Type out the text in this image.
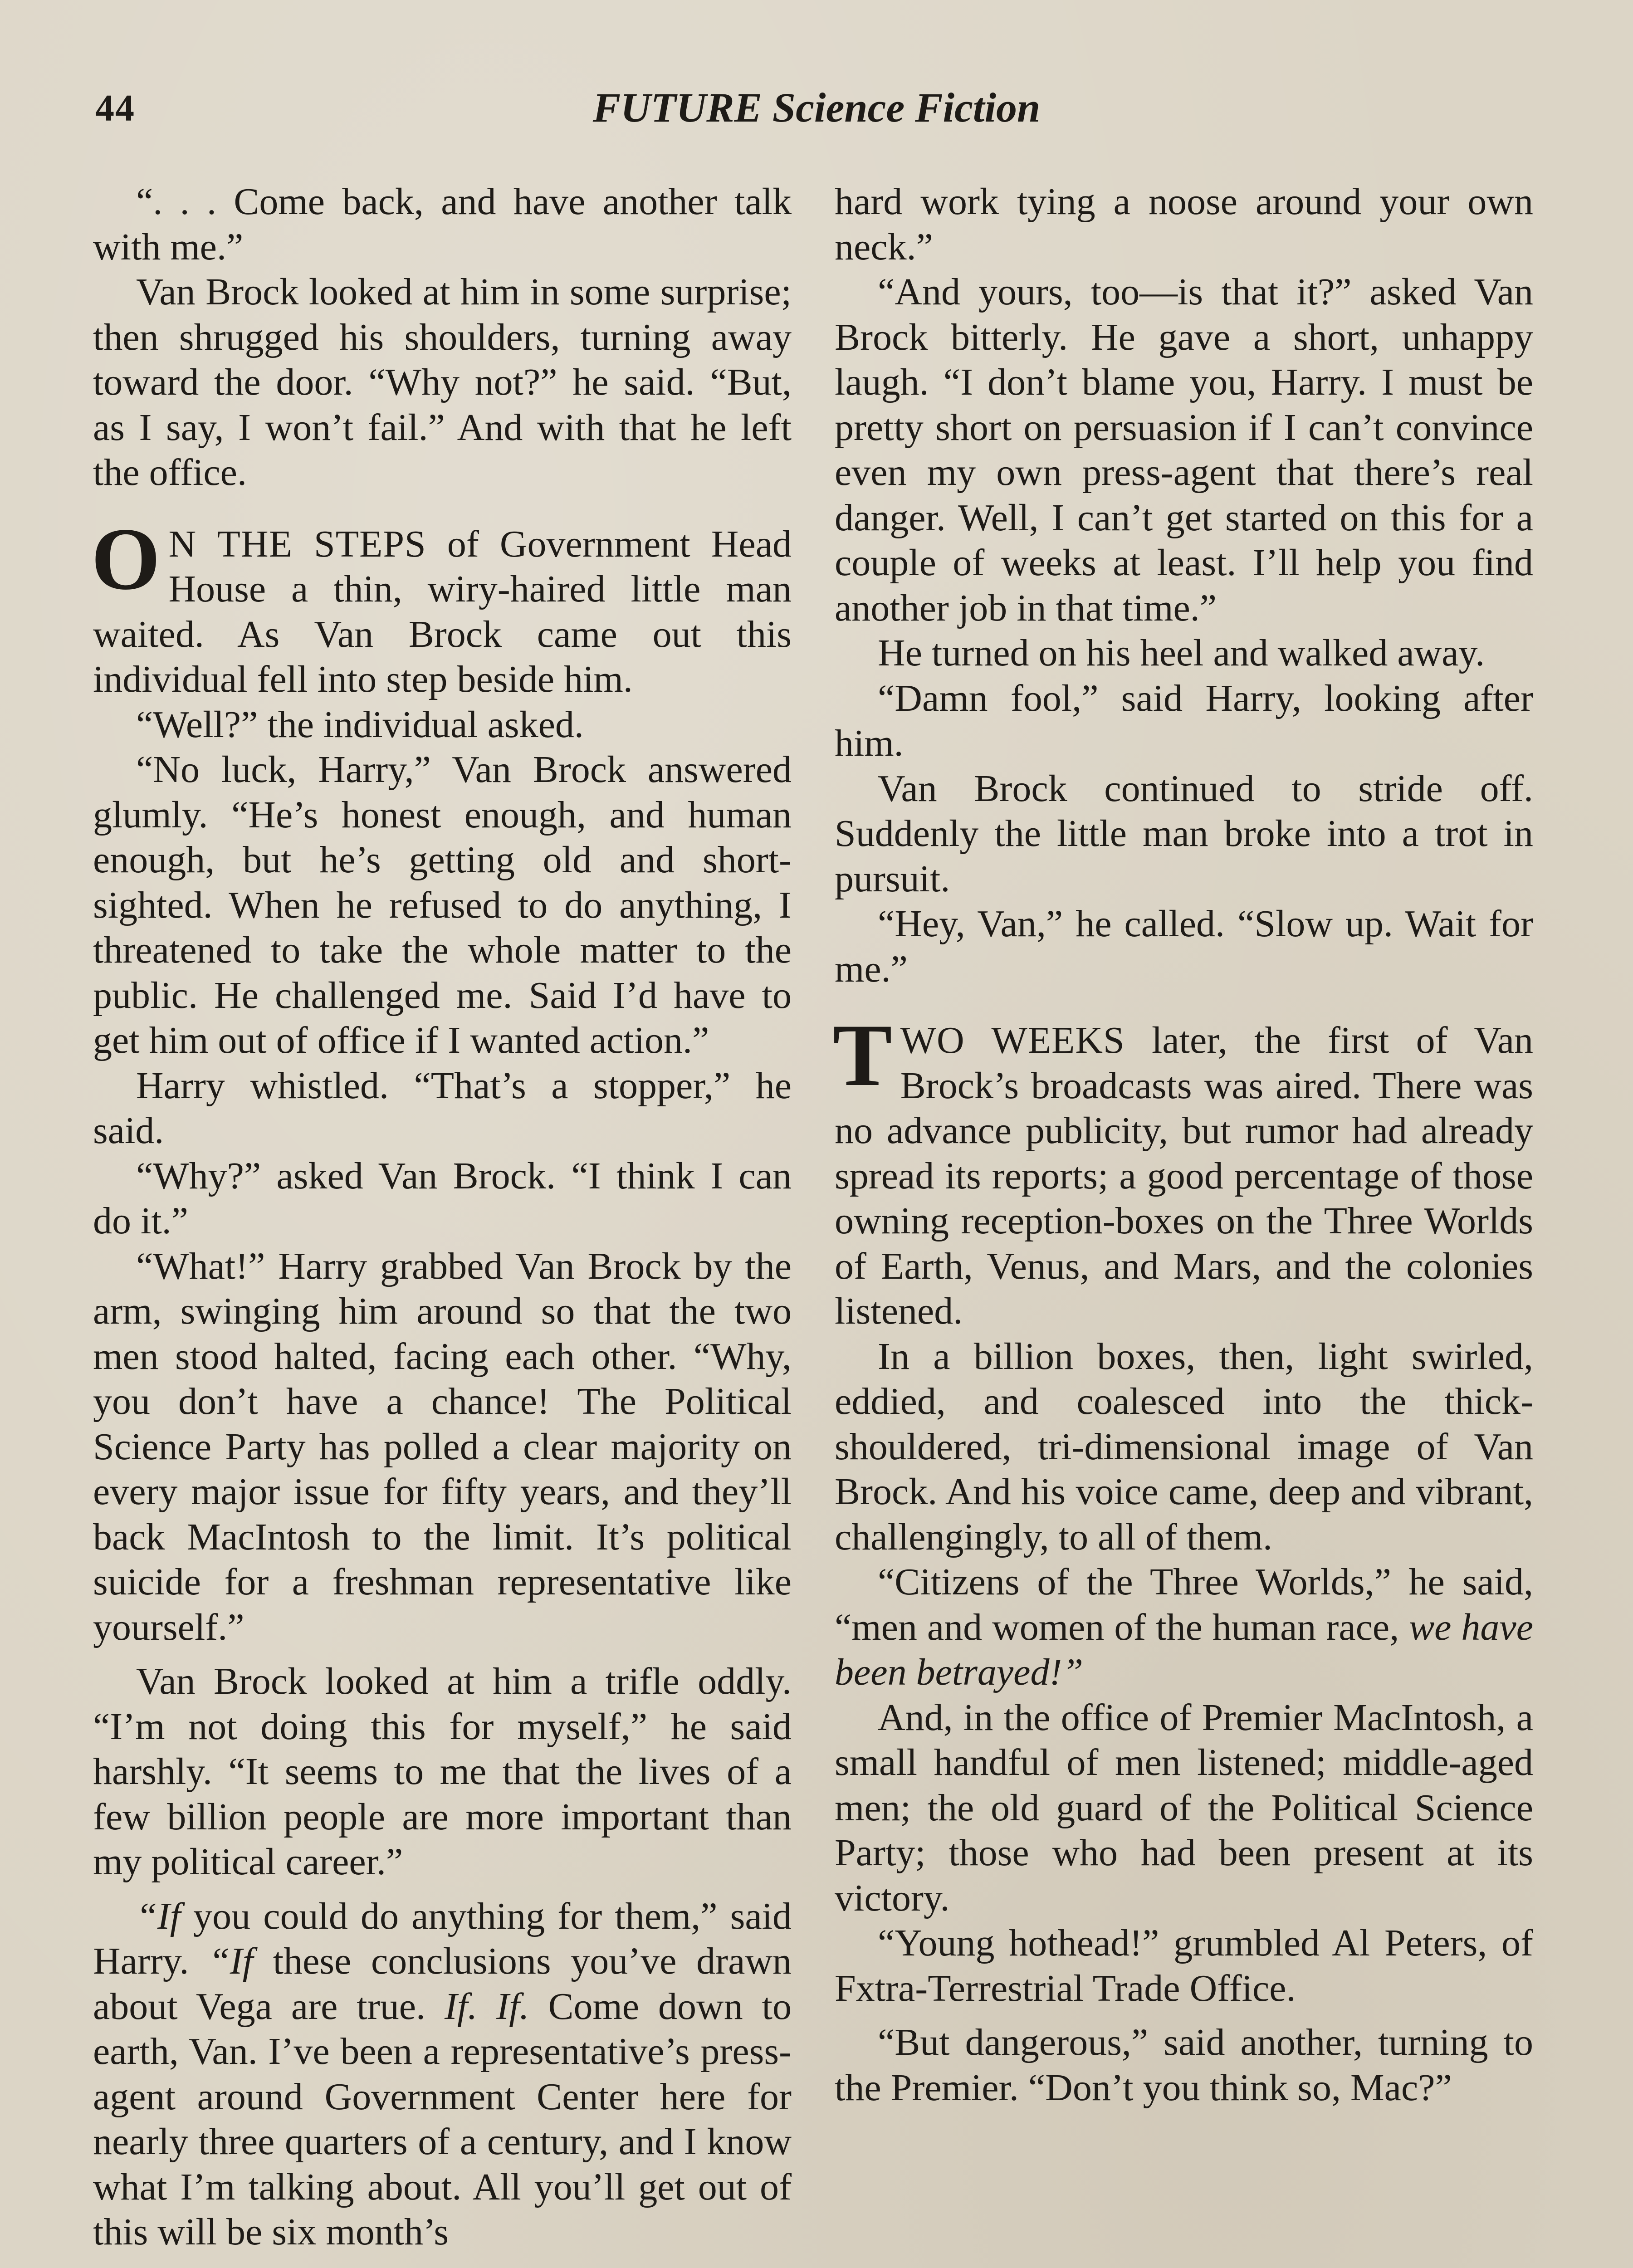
44	FUTURE Science Fiction

“. . . Come back, and have another talk with me.”

Van Brock looked at him in some surprise; then shrugged his shoulders, turning away toward the door. “Why not?” he said. “But, as I say, I won’t fail.” And with that he left the office.

O N THE STEPS of Government Head House a thin, wiry-haired little man waited. As Van Brock came out this individual fell into step beside him.

“Well?” the individual asked.

“No luck, Harry,” Van Brock answered glumly. “He’s honest enough, and human enough, but he’s getting old and short-sighted. When he refused to do anything, I threatened to take the whole matter to the public. He challenged me. Said I’d have to get him out of office if I wanted action.”

Harry whistled. “That’s a stopper,” he said.

“Why?” asked Van Brock. “I think I can do it.”

“What!” Harry grabbed Van Brock by the arm, swinging him around so that the two men stood halted, facing each other. “Why, you don’t have a chance! The Political Science Party has polled a clear majority on every major issue for fifty years, and they’ll back MacIntosh to the limit. It’s political suicide for a freshman representative like yourself.”

Van Brock looked at him a trifle oddly. “I’m not doing this for myself,” he said harshly. “It seems to me that the lives of a few billion people are more important than my political career.”

“If you could do anything for them,” said Harry. “If these conclusions you’ve drawn about Vega are true. If. If. Come down to earth, Van. I’ve been a representative’s press-agent around Government Center here for nearly three quarters of a century, and I know what I’m talking about. All you’ll get out of this will be six month’s

hard work tying a noose around your own neck.”

“And yours, too—is that it?” asked Van Brock bitterly. He gave a short, unhappy laugh. “I don’t blame you, Harry. I must be pretty short on persuasion if I can’t convince even my own press-agent that there’s real danger. Well, I can’t get started on this for a couple of weeks at least. I’ll help you find another job in that time.”

He turned on his heel and walked away.

“Damn fool,” said Harry, looking after him.

Van Brock continued to stride off. Suddenly the little man broke into a trot in pursuit.

“Hey, Van,” he called. “Slow up. Wait for me.”

TWO WEEKS later, the first of Van Brock’s broadcasts was aired. There was no advance publicity, but rumor had already spread its reports; a good percentage of those owning reception-boxes on the Three Worlds of Earth, Venus, and Mars, and the colonies listened.

In a billion boxes, then, light swirled, eddied, and coalesced into the thick-shouldered, tri-dimensional image of Van Brock. And his voice came, deep and vibrant, challengingly, to all of them.

“Citizens of the Three Worlds,” he said, “men and women of the human race, we have been betrayed!”

And, in the office of Premier MacIntosh, a small handful of men listened; middle-aged men; the old guard of the Political Science Party; those who had been present at its victory.

“Young hothead!” grumbled Al Peters, of Fxtra-Terrestrial Trade Office.

“But dangerous,” said another, turning to the Premier. “Don’t you think so, Mac?”
